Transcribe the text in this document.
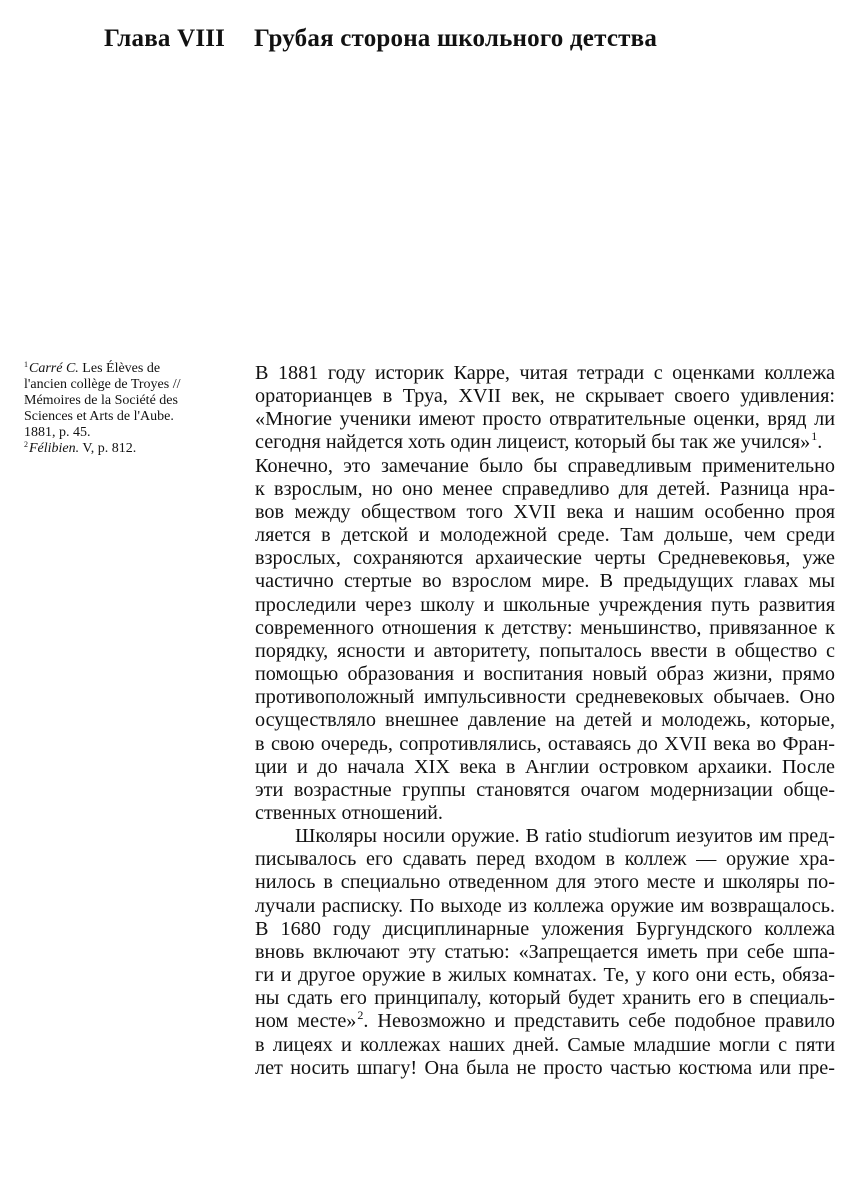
Глава VIII Грубая сторона школьного детства
$^1$Carré C. Les Élèves de
l'ancien collège de Troyes //
Mémoires de la Société des
Sciences et Arts de l'Aube.
1881, p. 45.
$^2$Félibien. V, p. 812.
В 1881 году историк Карре, читая тетради с оценками коллежа
ораторианцев в Труа, XVII век, не скрывает своего удивления:
«Многие ученики имеют просто отвратительные оценки, вряд ли
сегодня найдется хоть один лицеист, который бы так же учился»$^1$.
Конечно, это замечание было бы справедливым применительно
к взрослым, но оно менее справедливо для детей. Разница нра-
вов между обществом того XVII века и нашим особенно проя
ляется в детской и молодежной среде. Там дольше, чем среди
взрослых, сохраняются архаические черты Средневековья, уже
частично стертые во взрослом мире. В предыдущих главах мы
проследили через школу и школьные учреждения путь развития
современного отношения к детству: меньшинство, привязанное к
порядку, ясности и авторитету, попыталось ввести в общество с
помощью образования и воспитания новый образ жизни, прямо
противоположный импульсивности средневековых обычаев. Оно
осуществляло внешнее давление на детей и молодежь, которые,
в свою очередь, сопротивлялись, оставаясь до XVII века во Фран-
ции и до начала XIX века в Англии островком архаики. После
эти возрастные группы становятся очагом модернизации обще-
ственных отношений.
Школяры носили оружие. В ratio studiorum иезуитов им пред-
писывалось его сдавать перед входом в коллеж — оружие хра-
нилось в специально отведенном для этого месте и школяры по-
лучали расписку. По выходе из коллежа оружие им возвращалось.
В 1680 году дисциплинарные уложения Бургундского коллежа
вновь включают эту статью: «Запрещается иметь при себе шпа-
ги и другое оружие в жилых комнатах. Те, у кого они есть, обяза-
ны сдать его принципалу, который будет хранить его в специаль-
ном месте»$^2$. Невозможно и представить себе подобное правило
в лицеях и коллежах наших дней. Самые младшие могли с пяти
лет носить шпагу! Она была не просто частью костюма или пре-
